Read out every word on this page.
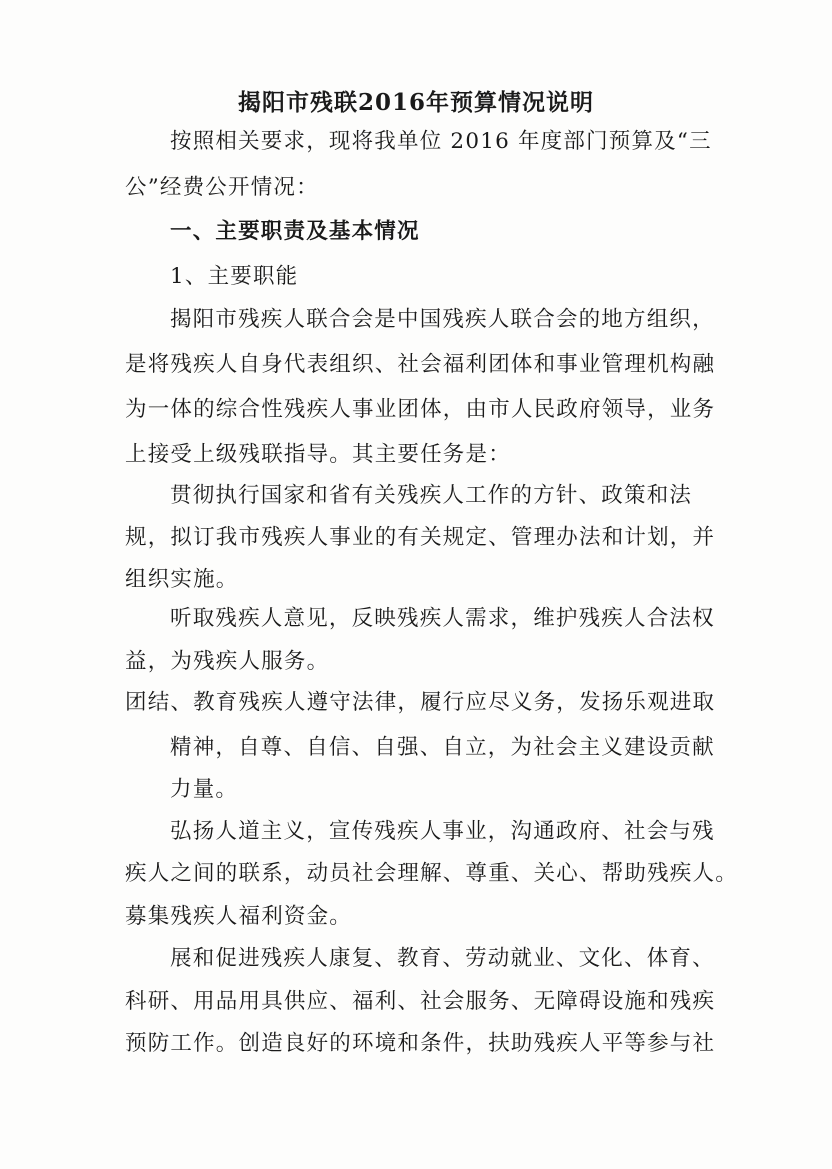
揭阳市残联2016年预算情况说明
按照相关要求，现将我单位 2016 年度部门预算及“三
公”经费公开情况：
一、主要职责及基本情况
1、主要职能
揭阳市残疾人联合会是中国残疾人联合会的地方组织，
是将残疾人自身代表组织、社会福利团体和事业管理机构融
为一体的综合性残疾人事业团体，由市人民政府领导，业务
上接受上级残联指导。其主要任务是：
贯彻执行国家和省有关残疾人工作的方针、政策和法
规，拟订我市残疾人事业的有关规定、管理办法和计划，并
组织实施。
听取残疾人意见，反映残疾人需求，维护残疾人合法权
益，为残疾人服务。
团结、教育残疾人遵守法律，履行应尽义务，发扬乐观进取
精神，自尊、自信、自强、自立，为社会主义建设贡献
力量。
弘扬人道主义，宣传残疾人事业，沟通政府、社会与残
疾人之间的联系，动员社会理解、尊重、关心、帮助残疾人。
募集残疾人福利资金。
展和促进残疾人康复、教育、劳动就业、文化、体育、
科研、用品用具供应、福利、社会服务、无障碍设施和残疾
预防工作。创造良好的环境和条件，扶助残疾人平等参与社
